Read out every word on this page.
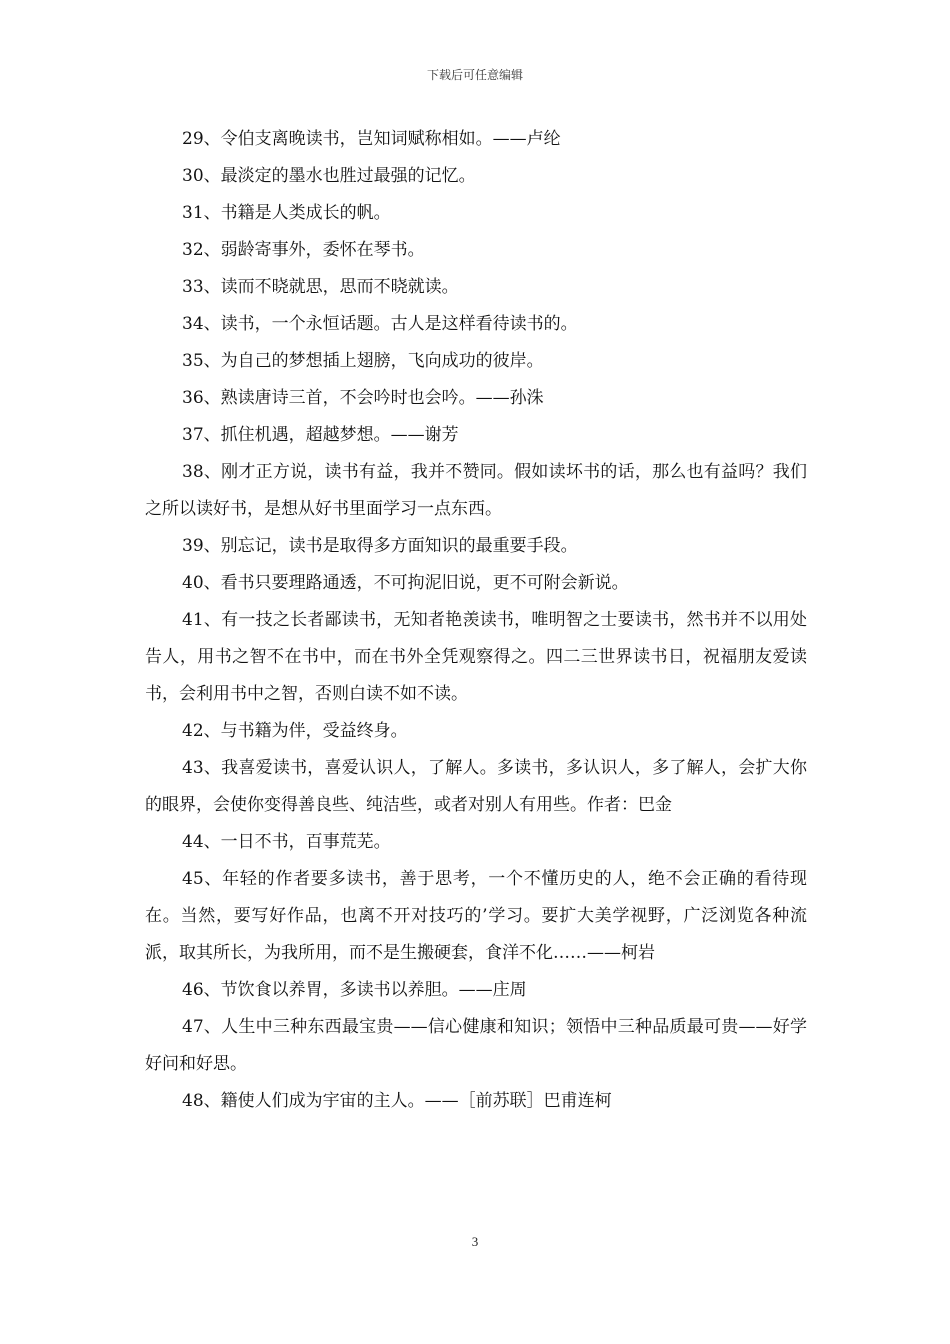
下载后可任意编辑

29、令伯支离晚读书，岂知词赋称相如。——卢纶

30、最淡定的墨水也胜过最强的记忆。

31、书籍是人类成长的帆。

32、弱龄寄事外，委怀在琴书。

33、读而不晓就思，思而不晓就读。

34、读书，一个永恒话题。古人是这样看待读书的。

35、为自己的梦想插上翅膀，飞向成功的彼岸。

36、熟读唐诗三首，不会吟时也会吟。——孙洙

37、抓住机遇，超越梦想。——谢芳

38、刚才正方说，读书有益，我并不赞同。假如读坏书的话，那么也有益吗？我们之所以读好书，是想从好书里面学习一点东西。

39、别忘记，读书是取得多方面知识的最重要手段。

40、看书只要理路通透，不可拘泥旧说，更不可附会新说。

41、有一技之长者鄙读书，无知者艳羡读书，唯明智之士要读书，然书并不以用处告人，用书之智不在书中，而在书外全凭观察得之。四二三世界读书日，祝福朋友爱读书，会利用书中之智，否则白读不如不读。

42、与书籍为伴，受益终身。

43、我喜爱读书，喜爱认识人，了解人。多读书，多认识人，多了解人，会扩大你的眼界，会使你变得善良些、纯洁些，或者对别人有用些。作者：巴金

44、一日不书，百事荒芜。

45、年轻的作者要多读书，善于思考，一个不懂历史的人，绝不会正确的看待现在。当然，要写好作品，也离不开对技巧的’学习。要扩大美学视野，广泛浏览各种流派，取其所长，为我所用，而不是生搬硬套，食洋不化……——柯岩

46、节饮食以养胃，多读书以养胆。——庄周

47、人生中三种东西最宝贵——信心健康和知识；领悟中三种品质最可贵——好学好问和好思。

48、籍使人们成为宇宙的主人。——［前苏联］巴甫连柯

3
